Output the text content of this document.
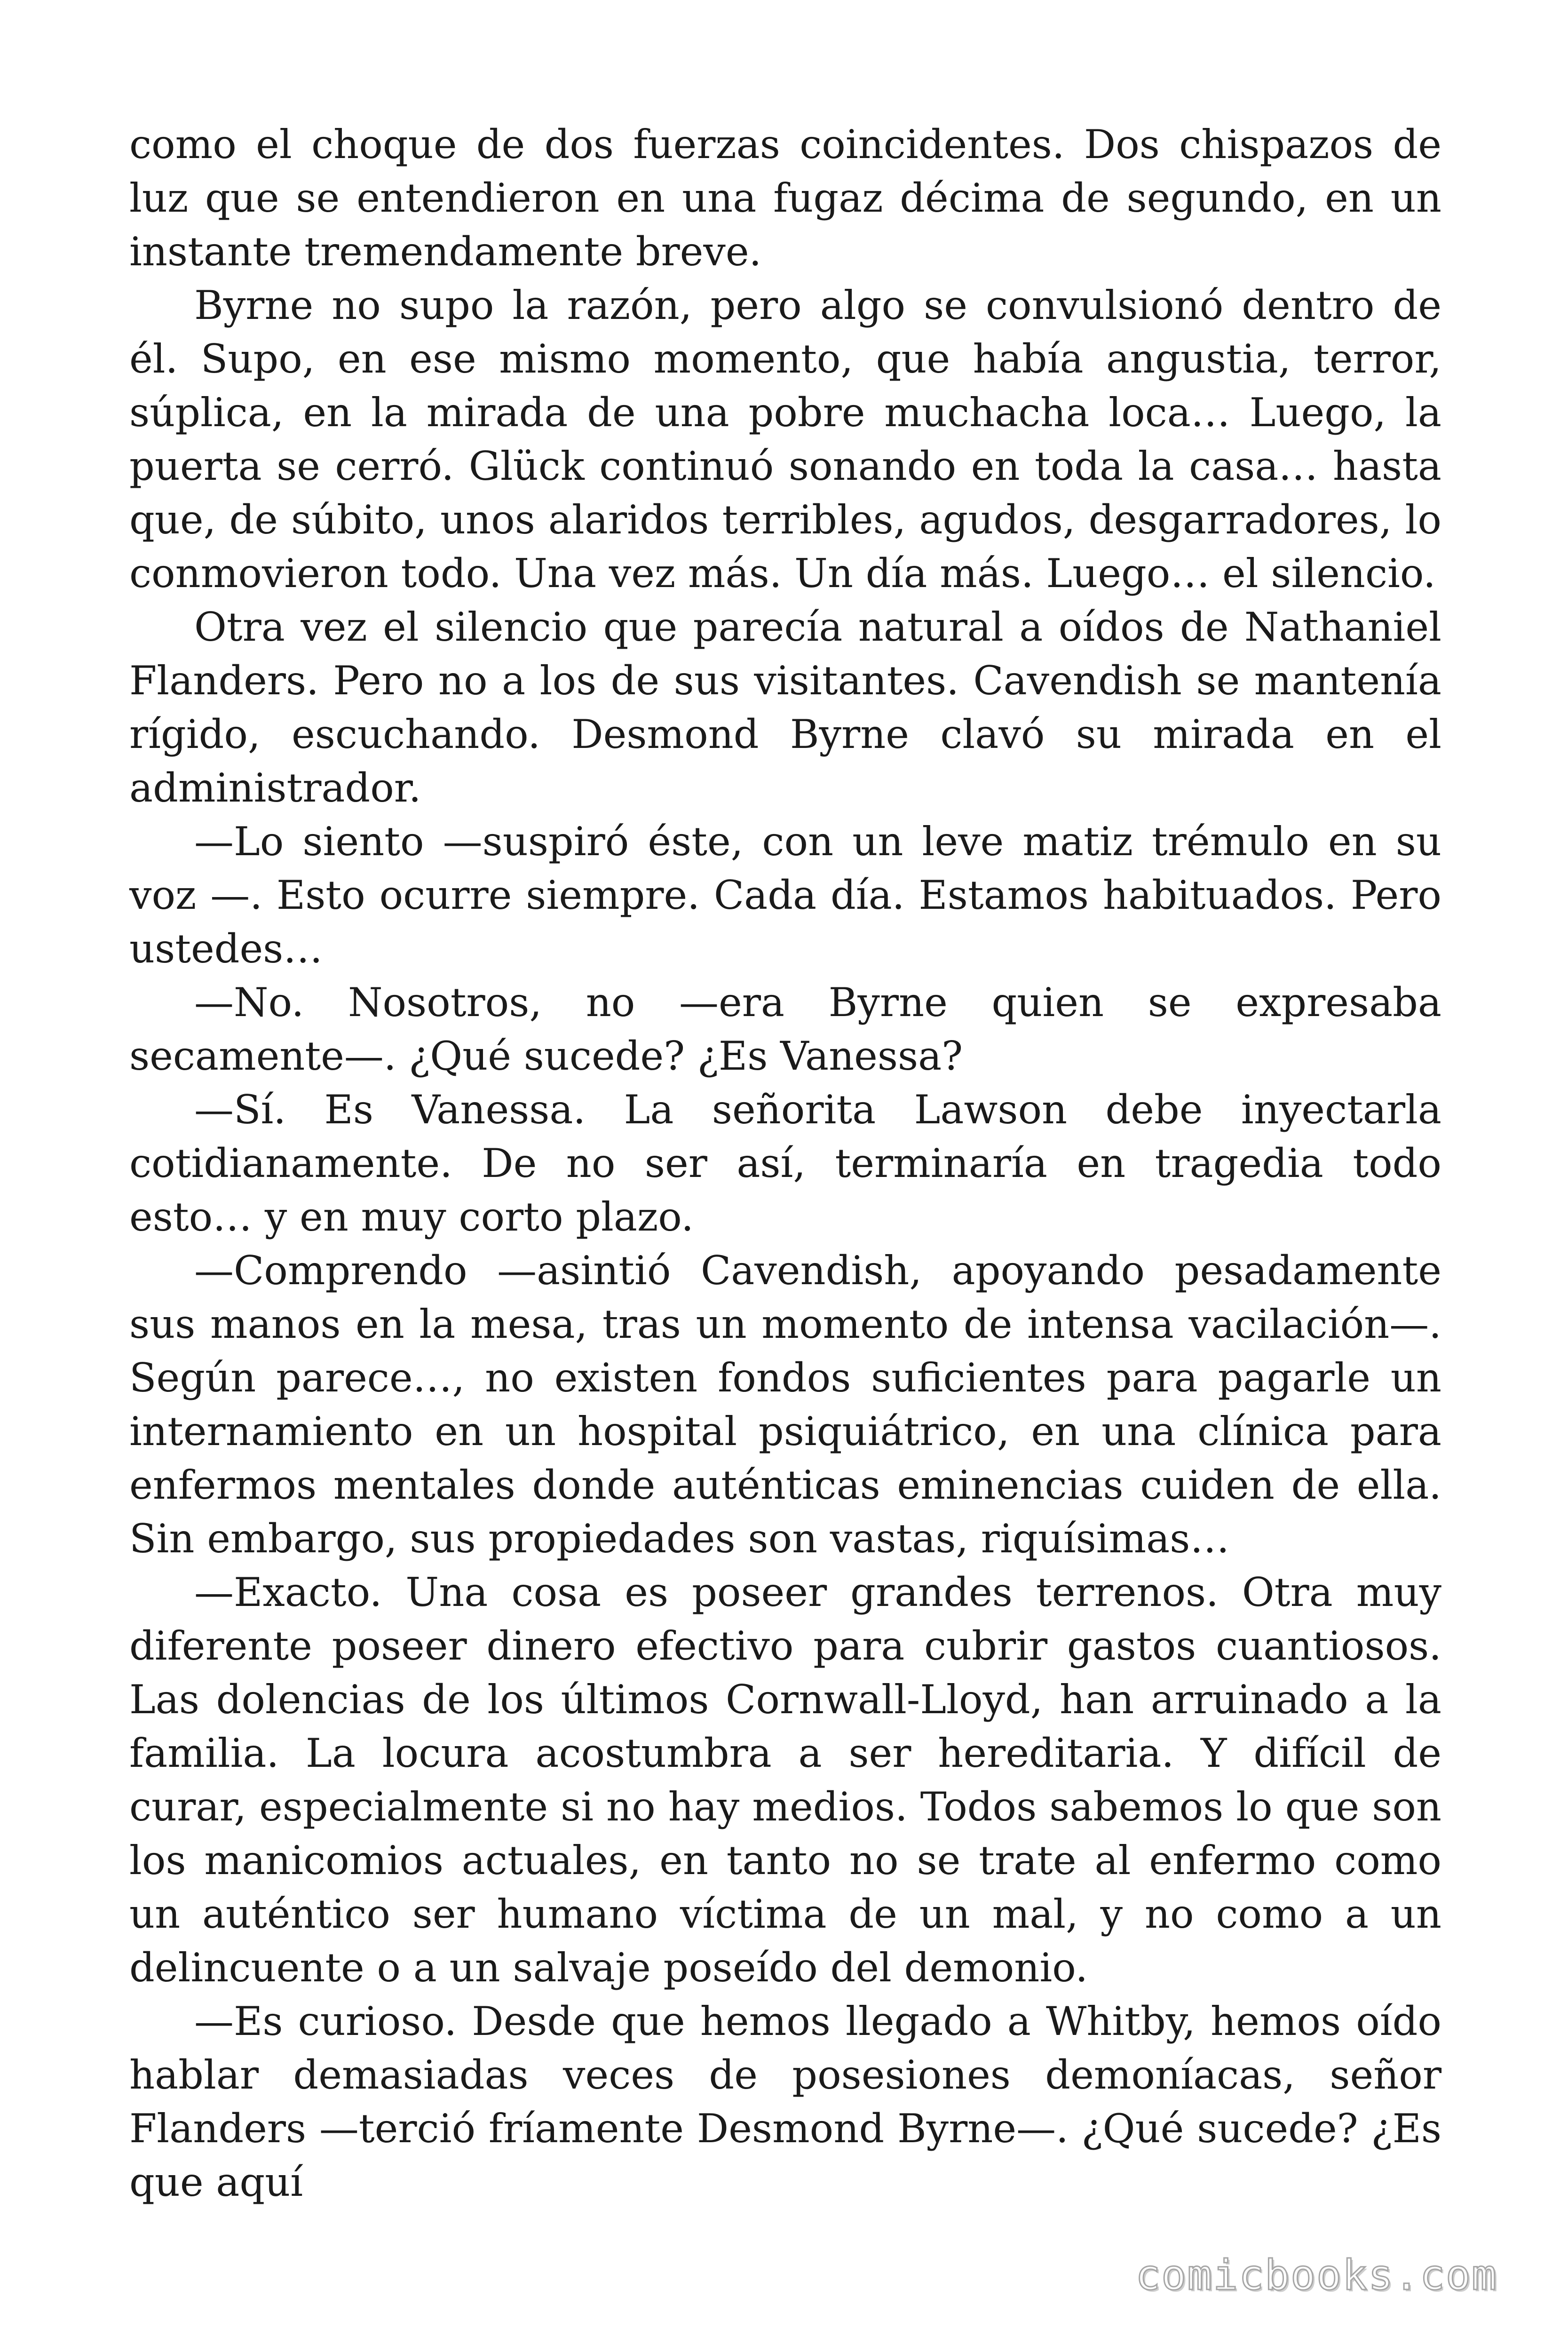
como el choque de dos fuerzas coincidentes. Dos chispazos de luz que se entendieron en una fugaz décima de segundo, en un instante tremendamente breve.

Byrne no supo la razón, pero algo se convulsionó dentro de él. Supo, en ese mismo momento, que había angustia, terror, súplica, en la mirada de una pobre muchacha loca… Luego, la puerta se cerró. Glück continuó sonando en toda la casa… hasta que, de súbito, unos alaridos terribles, agudos, desgarradores, lo conmovieron todo. Una vez más. Un día más. Luego… el silencio.

Otra vez el silencio que parecía natural a oídos de Nathaniel Flanders. Pero no a los de sus visitantes. Cavendish se mantenía rígido, escuchando. Desmond Byrne clavó su mirada en el administrador.

—Lo siento —suspiró éste, con un leve matiz trémulo en su voz —. Esto ocurre siempre. Cada día. Estamos habituados. Pero ustedes…

—No. Nosotros, no —era Byrne quien se expresaba secamente—. ¿Qué sucede? ¿Es Vanessa?

—Sí. Es Vanessa. La señorita Lawson debe inyectarla cotidianamente. De no ser así, terminaría en tragedia todo esto… y en muy corto plazo.

—Comprendo —asintió Cavendish, apoyando pesadamente sus manos en la mesa, tras un momento de intensa vacilación—. Según parece…, no existen fondos suficientes para pagarle un internamiento en un hospital psiquiátrico, en una clínica para enfermos mentales donde auténticas eminencias cuiden de ella. Sin embargo, sus propiedades son vastas, riquísimas…

—Exacto. Una cosa es poseer grandes terrenos. Otra muy diferente poseer dinero efectivo para cubrir gastos cuantiosos. Las dolencias de los últimos Cornwall-Lloyd, han arruinado a la familia. La locura acostumbra a ser hereditaria. Y difícil de curar, especialmente si no hay medios. Todos sabemos lo que son los manicomios actuales, en tanto no se trate al enfermo como un auténtico ser humano víctima de un mal, y no como a un delincuente o a un salvaje poseído del demonio.

—Es curioso. Desde que hemos llegado a Whitby, hemos oído hablar demasiadas veces de posesiones demoníacas, señor Flanders —terció fríamente Desmond Byrne—. ¿Qué sucede? ¿Es que aquí

comicbooks.com
